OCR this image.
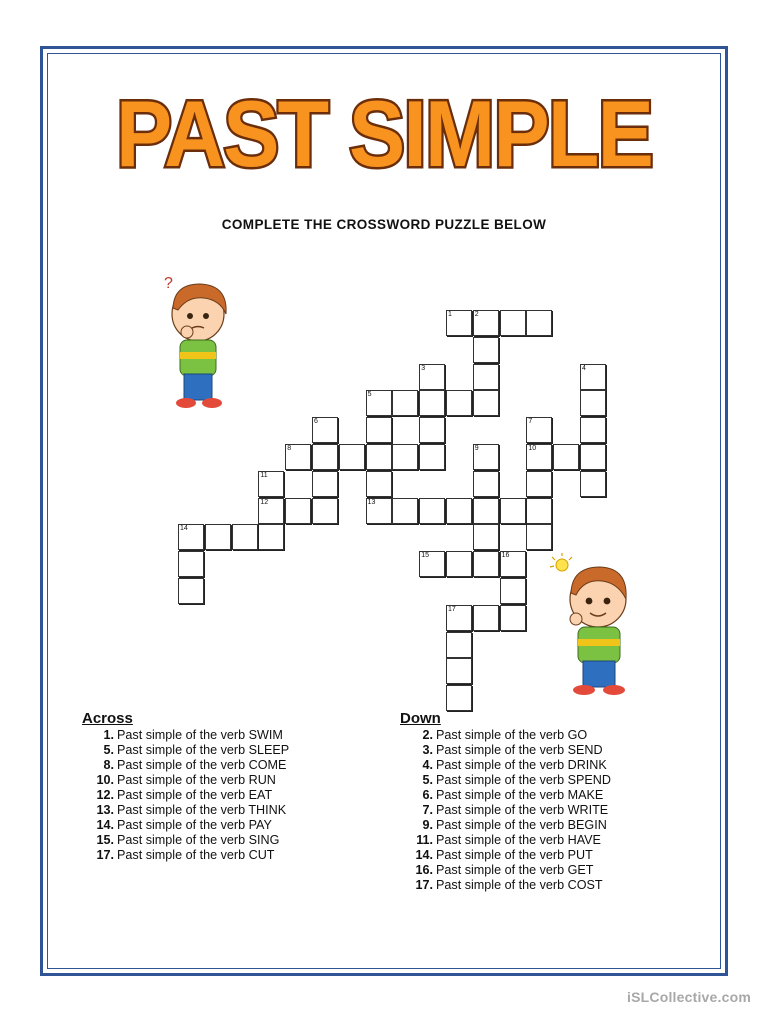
PAST SIMPLE
COMPLETE THE CROSSWORD PUZZLE BELOW
1	2
3	4
5
13
6	7
10
8	9
11
12
14
15	16
17
?
Across
1. Past simple of the verb SWIM
5. Past simple of the verb SLEEP
8. Past simple of the verb COME
10. Past simple of the verb RUN
12. Past simple of the verb EAT
13. Past simple of the verb THINK
14. Past simple of the verb PAY
15. Past simple of the verb SING
17. Past simple of the verb CUT
Down
2. Past simple of the verb GO
3. Past simple of the verb SEND
4. Past simple of the verb DRINK
5. Past simple of the verb SPEND
6. Past simple of the verb MAKE
7. Past simple of the verb WRITE
9. Past simple of the verb BEGIN
11. Past simple of the verb HAVE
14. Past simple of the verb PUT
16. Past simple of the verb GET
17. Past simple of the verb COST
iSLCollective.com
